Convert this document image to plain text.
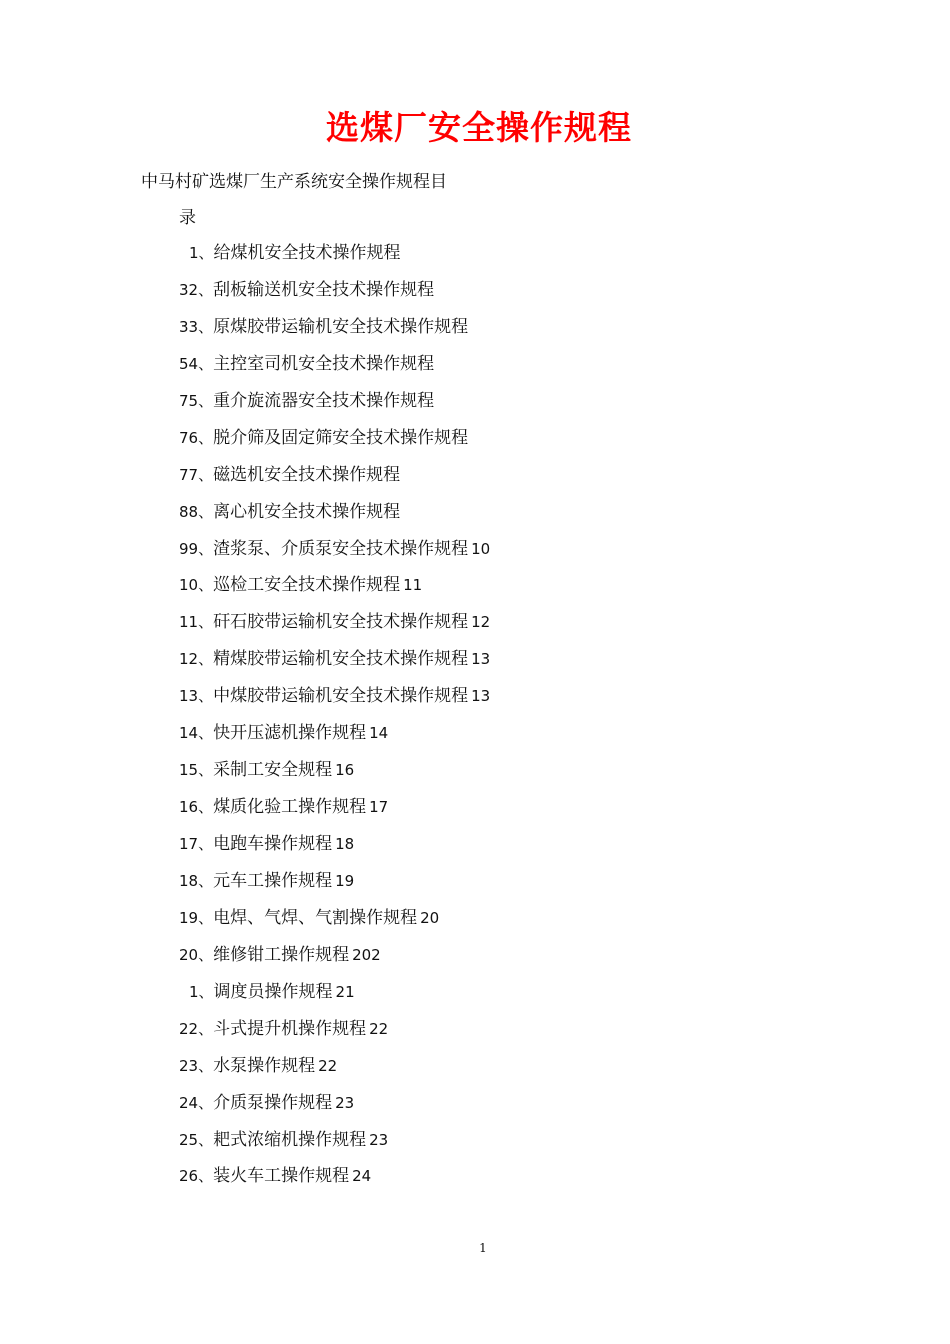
选煤厂安全操作规程
中马村矿选煤厂生产系统安全操作规程目
录
1、给煤机安全技术操作规程
32、刮板输送机安全技术操作规程
33、原煤胶带运输机安全技术操作规程
54、主控室司机安全技术操作规程
75、重介旋流器安全技术操作规程
76、脱介筛及固定筛安全技术操作规程
77、磁选机安全技术操作规程
88、离心机安全技术操作规程
99、渣浆泵、介质泵安全技术操作规程 10
10、巡检工安全技术操作规程 11
11、矸石胶带运输机安全技术操作规程 12
12、精煤胶带运输机安全技术操作规程 13
13、中煤胶带运输机安全技术操作规程 13
14、快开压滤机操作规程 14
15、采制工安全规程 16
16、煤质化验工操作规程 17
17、电跑车操作规程 18
18、元车工操作规程 19
19、电焊、气焊、气割操作规程 20
20、维修钳工操作规程 202
1、调度员操作规程 21
22、斗式提升机操作规程 22
23、水泵操作规程 22
24、介质泵操作规程 23
25、耙式浓缩机操作规程 23
26、装火车工操作规程 24
1
